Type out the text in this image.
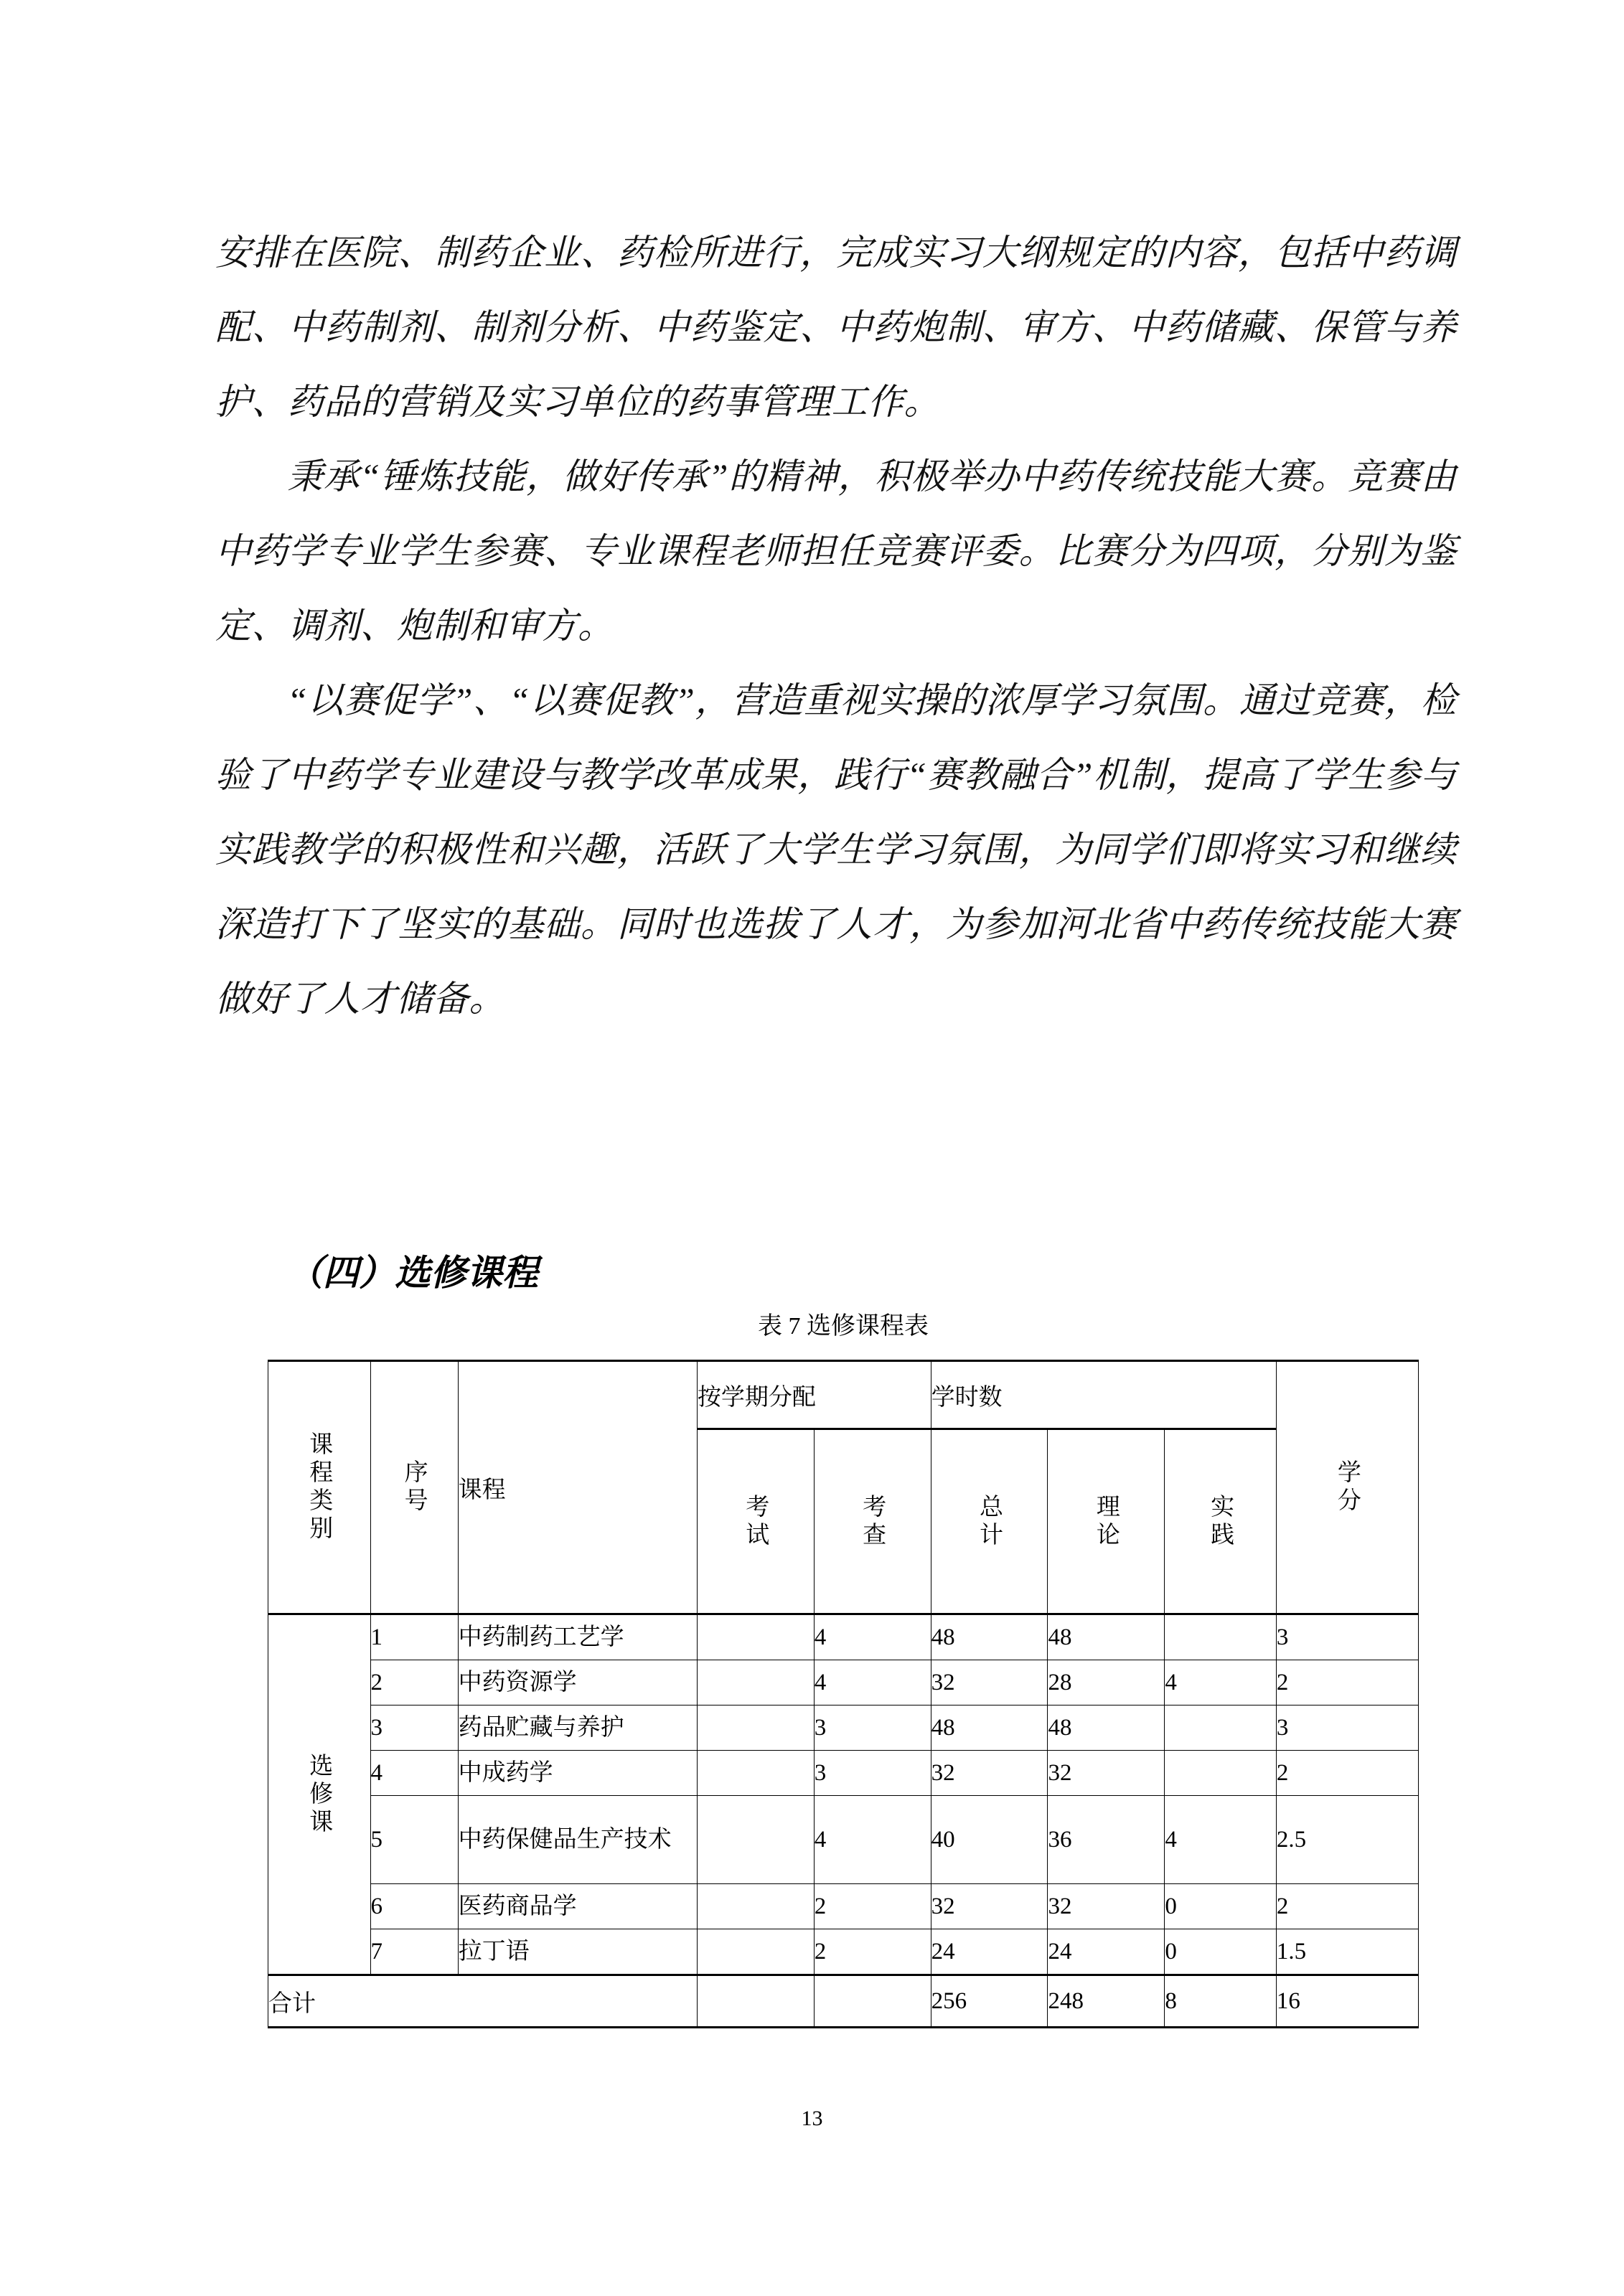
安排在医院、制药企业、药检所进行，完成实习大纲规定的内容，包括中药调配、中药制剂、制剂分析、中药鉴定、中药炮制、审方、中药储藏、保管与养护、药品的营销及实习单位的药事管理工作。

秉承“锤炼技能，做好传承”的精神，积极举办中药传统技能大赛。竞赛由中药学专业学生参赛、专业课程老师担任竞赛评委。比赛分为四项，分别为鉴定、调剂、炮制和审方。

“以赛促学”、“以赛促教”，营造重视实操的浓厚学习氛围。通过竞赛，检验了中药学专业建设与教学改革成果，践行“赛教融合”机制，提高了学生参与实践教学的积极性和兴趣，活跃了大学生学习氛围，为同学们即将实习和继续深造打下了坚实的基础。同时也选拔了人才，为参加河北省中药传统技能大赛做好了人才储备。

（四）选修课程
表 7 选修课程表
课程类别	序号	课程	按学期分配		学时数			学分

			考试	考查	总计	理论	实践	

选修课	1	中药制药工艺学		4	48	48		3
	2	中药资源学		4	32	28	4	2
	3	药品贮藏与养护		3	48	48		3
	4	中成药学		3	32	32		2
	5	中药保健品生产技术		4	40	36	4	2.5
	6	医药商品学		2	32	32	0	2
	7	拉丁语		2	24	24	0	1.5
合计					256	248	8	16
13
